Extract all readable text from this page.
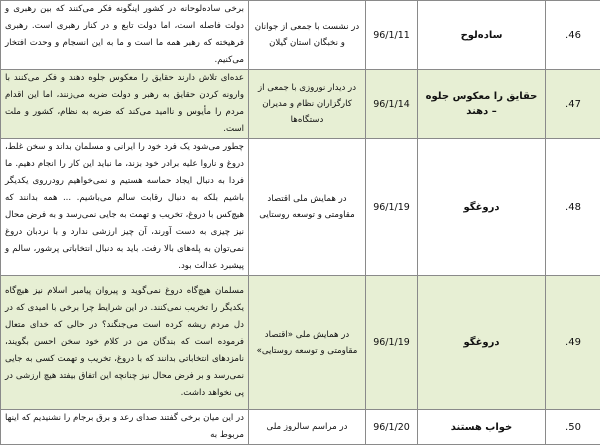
برخی ساده‌لوحانه در کشور اینگونه فکر می‌کنند که بین رهبری و دولت فاصله است، اما دولت تابع و در کنار رهبری است. رهبری فرهیخته که رهبر همه ما است و ما به این انسجام و وحدت افتخار می‌کنیم.	در نشست با جمعی از جوانان و نخبگان استان گیلان	96/1/11	ساده‌لوح	.46
عده‌ای تلاش دارند حقایق را معکوس جلوه دهند و فکر می‌کنند با وارونه کردن حقایق به رهبر و دولت ضربه می‌زنند، اما این اقدام مردم را مأیوس و ناامید می‌کند که ضربه به نظام، کشور و ملت است.	در دیدار نوروزی با جمعی از کارگزاران نظام و مدیران دستگاه‌ها	96/1/14	حقایق را معکوس جلوه – دهند	.47
چطور می‌شود یک فرد خود را ایرانی و مسلمان بداند و سخن غلط، دروغ و ناروا علیه برادر خود بزند، ما نباید این کار را انجام دهیم. ما فردا به دنبال ایجاد حماسه هستیم و نمی‌خواهیم رودرروی یکدیگر باشیم بلکه به دنبال رقابت سالم می‌باشیم. ... همه بدانند که هیچ‌کس با دروغ، تخریب و تهمت به جایی نمی‌رسد و به فرض محال نیز چیزی به دست آورند، آن چیز ارزشی ندارد و با نردبان دروغ نمی‌توان به پله‌های بالا رفت. باید به دنبال انتخاباتی پرشور، سالم و پیشبرد عدالت بود.	در همایش ملی اقتصاد مقاومتی و توسعه روستایی	96/1/19	دروغگو	.48
مسلمان هیچ‌گاه دروغ نمی‌گوید و پیروان پیامبر اسلام نیز هیچ‌گاه یکدیگر را تخریب نمی‌کنند. در این شرایط چرا برخی با امیدی که در دل مردم ریشه کرده است می‌جنگند؟ در حالی که خدای متعال فرموده است که بندگان من در کلام خود سخن احسن بگویند، نامزدهای انتخاباتی بدانند که با دروغ، تخریب و تهمت کسی به جایی نمی‌رسد و بر فرض محال نیز چنانچه این اتفاق بیفتد هیچ ارزشی در پی نخواهد داشت.	در همایش ملی «اقتصاد مقاومتی و توسعه روستایی»	96/1/19	دروغگو	.49
در این میان برخی گفتند صدای رعد و برق برجام را نشنیدیم که اینها مربوط به	در مراسم سالروز ملی	96/1/20	خواب هستند	.50
